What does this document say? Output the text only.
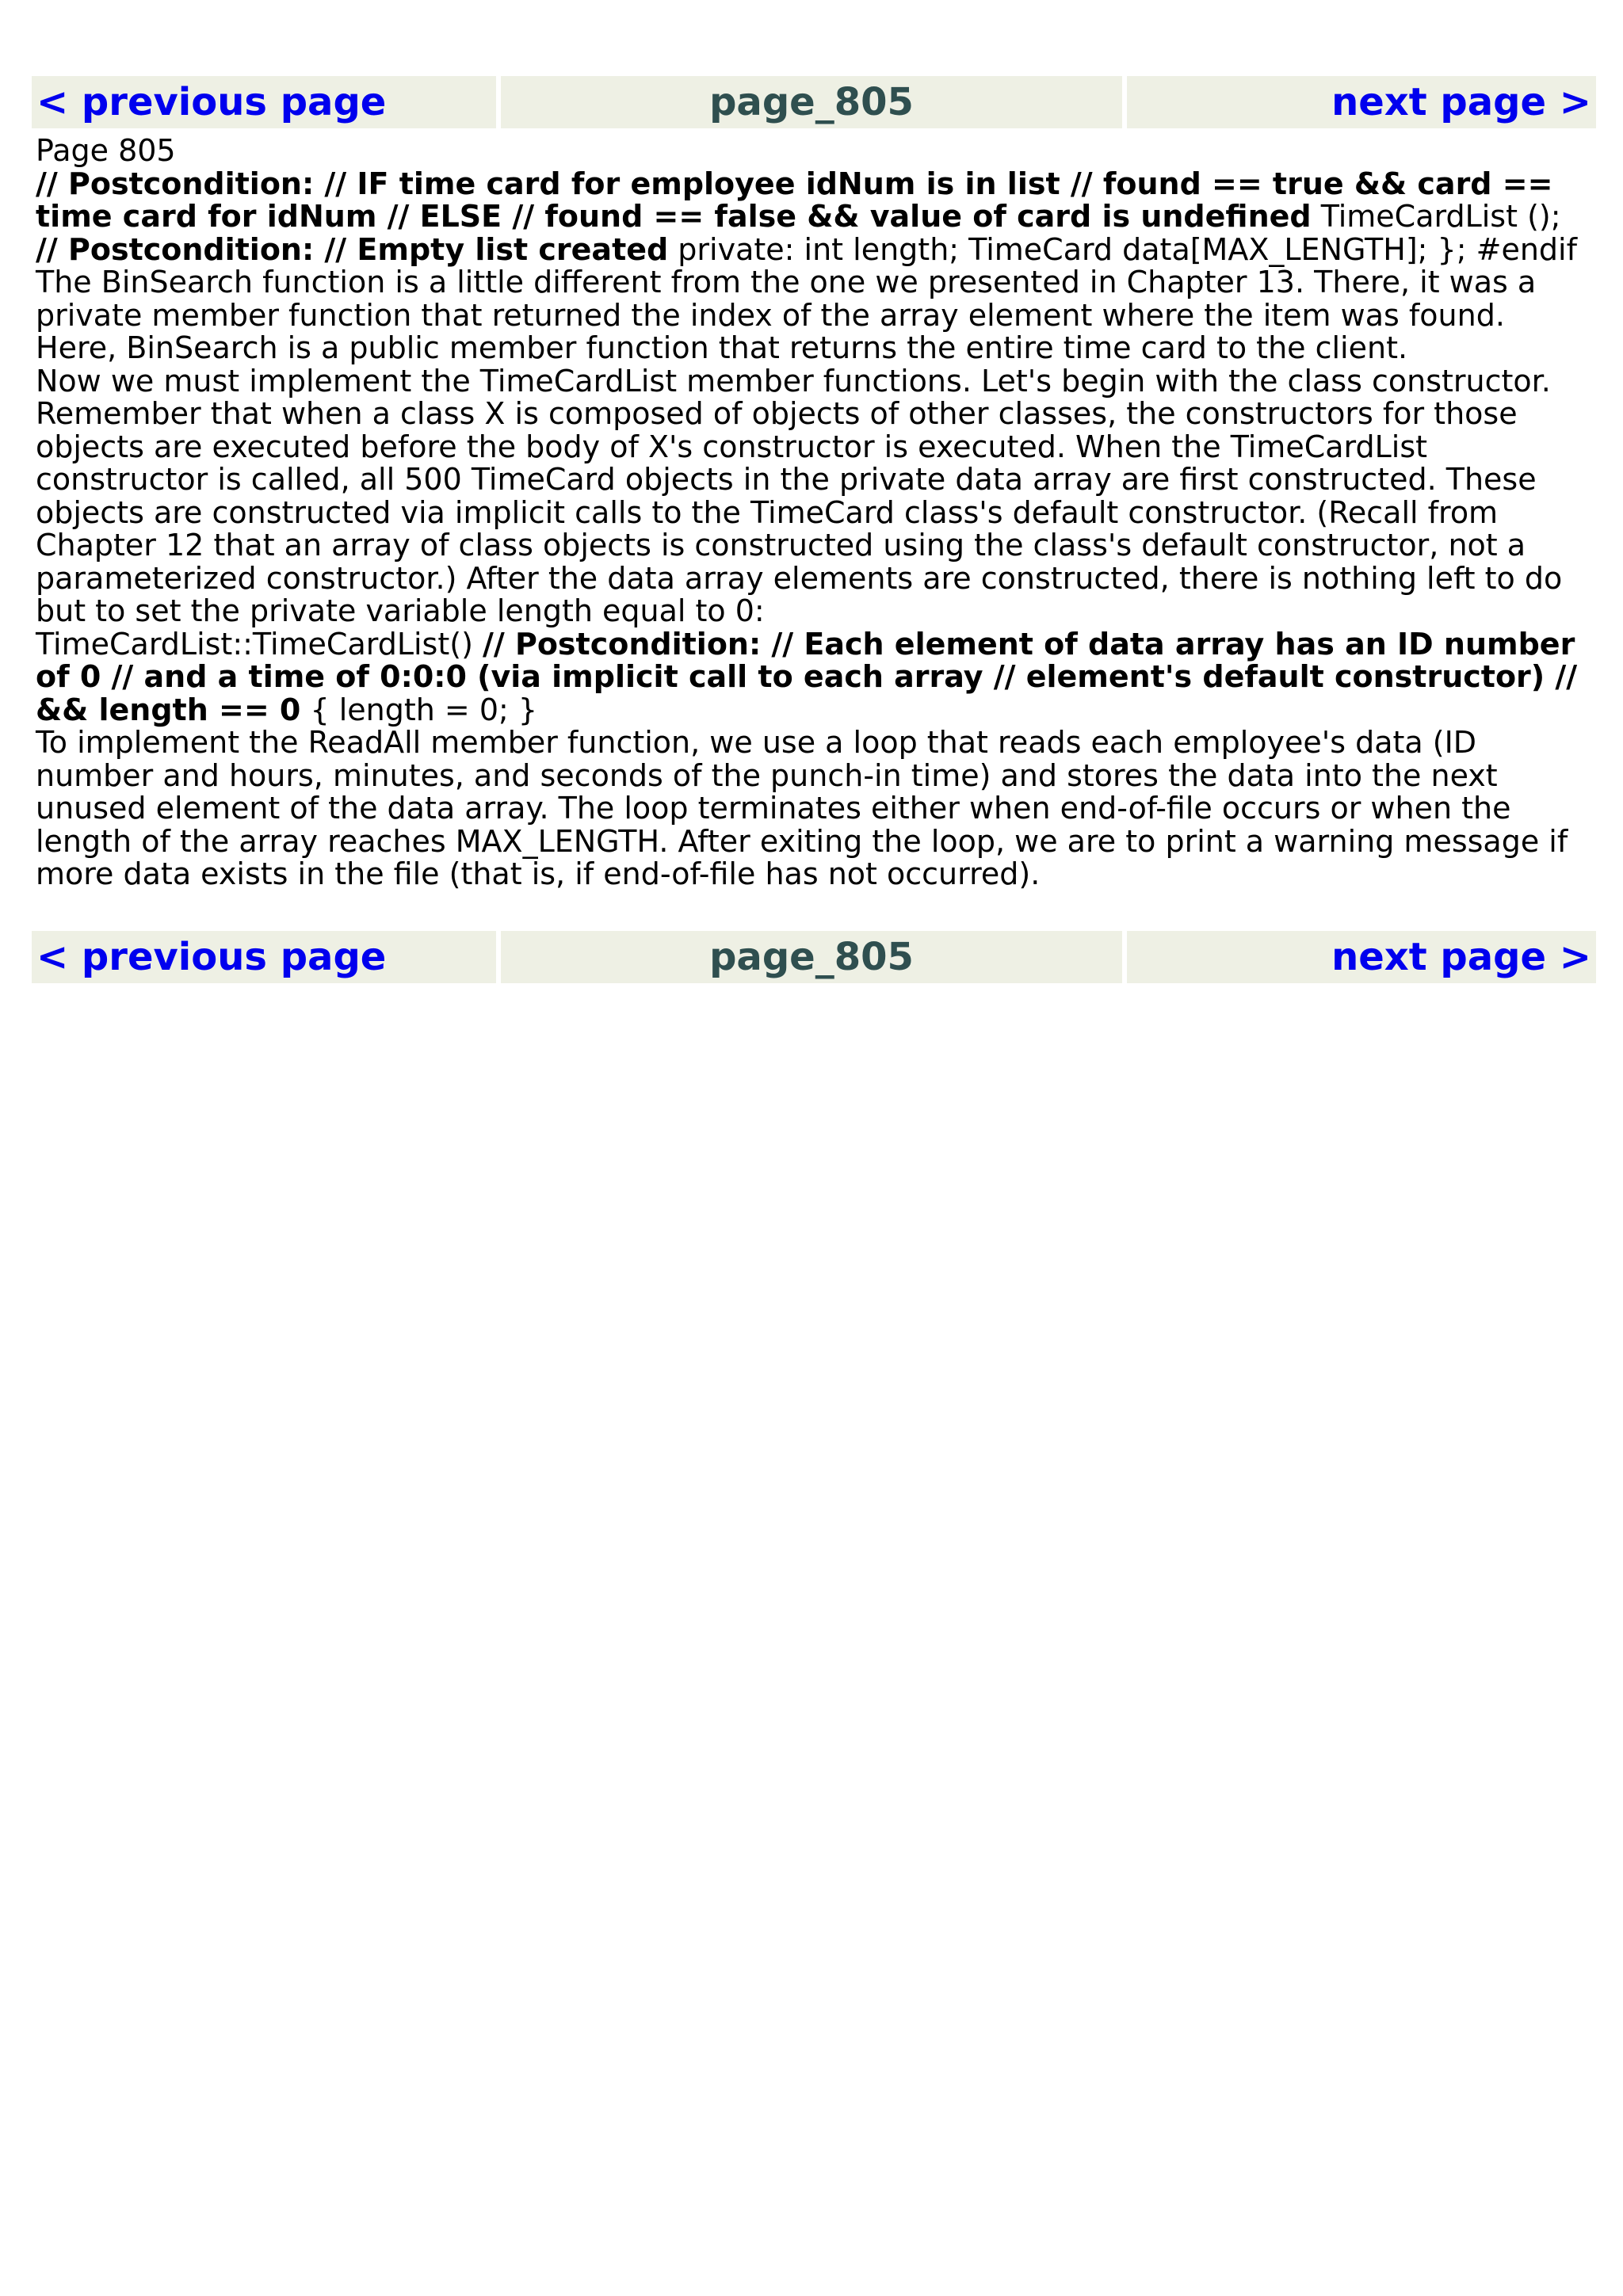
< previous page	page_805	next page >

Page 805

// Postcondition: // IF time card for employee idNum is in list // found == true && card == time card for idNum // ELSE // found == false && value of card is undefined TimeCardList (); // Postcondition: // Empty list created private: int length; TimeCard data[MAX_LENGTH]; }; #endif

The BinSearch function is a little different from the one we presented in Chapter 13. There, it was a private member function that returned the index of the array element where the item was found. Here, BinSearch is a public member function that returns the entire time card to the client.

Now we must implement the TimeCardList member functions. Let's begin with the class constructor. Remember that when a class X is composed of objects of other classes, the constructors for those objects are executed before the body of X's constructor is executed. When the TimeCardList constructor is called, all 500 TimeCard objects in the private data array are first constructed. These objects are constructed via implicit calls to the TimeCard class's default constructor. (Recall from Chapter 12 that an array of class objects is constructed using the class's default constructor, not a parameterized constructor.) After the data array elements are constructed, there is nothing left to do but to set the private variable length equal to 0:

TimeCardList::TimeCardList() // Postcondition: // Each element of data array has an ID number of 0 // and a time of 0:0:0 (via implicit call to each array // element's default constructor) // && length == 0 { length = 0; }

To implement the ReadAll member function, we use a loop that reads each employee's data (ID number and hours, minutes, and seconds of the punch-in time) and stores the data into the next unused element of the data array. The loop terminates either when end-of-file occurs or when the length of the array reaches MAX_LENGTH. After exiting the loop, we are to print a warning message if more data exists in the file (that is, if end-of-file has not occurred).

< previous page	page_805	next page >
